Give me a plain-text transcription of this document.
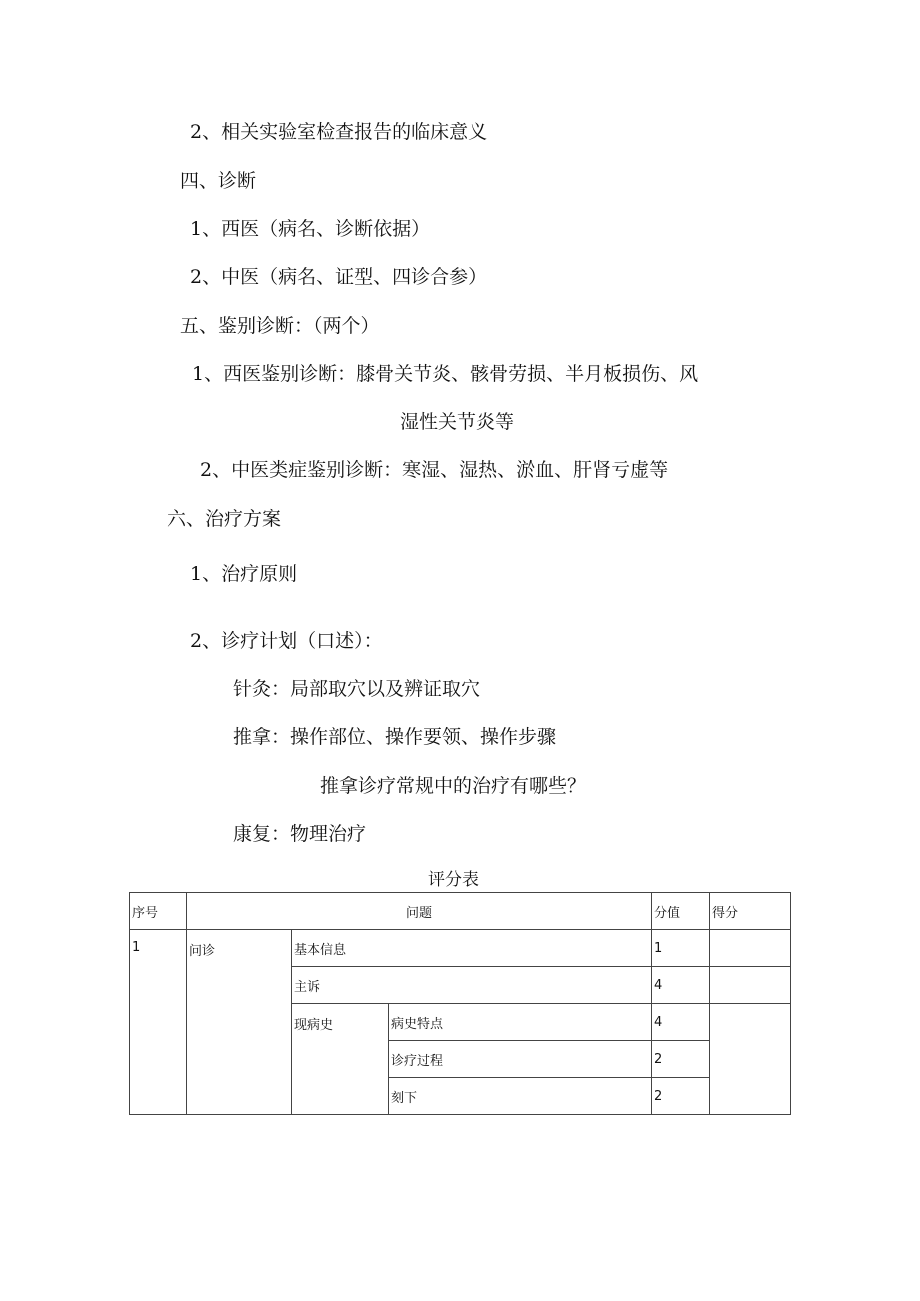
2、相关实验室检查报告的临床意义
四、诊断
1、西医（病名、诊断依据）
2、中医（病名、证型、四诊合参）
五、鉴别诊断：（两个）
1、西医鉴别诊断：膝骨关节炎、骸骨劳损、半月板损伤、风
湿性关节炎等
2、中医类症鉴别诊断：寒湿、湿热、淤血、肝肾亏虚等
六、治疗方案
1、治疗原则
2、诊疗计划（口述）：
针灸：局部取穴以及辨证取穴
推拿：操作部位、操作要领、操作步骤
推拿诊疗常规中的治疗有哪些？
康复：物理治疗
评分表
序号	问题			分值	得分
1	问诊	基本信息		1	
		主诉		4	
		现病史	病史特点	4	
			诊疗过程	2	
			刻下	2	
